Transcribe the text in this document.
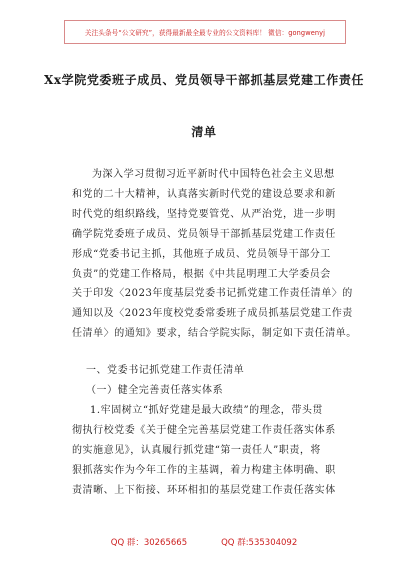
关注头条号“公文研究”，获得最新最全最专业的公文资料库！ 微信：gongwenyj
Xx学院党委班子成员、党员领导干部抓基层党建工作责任
清单
为深入学习贯彻习近平新时代中国特色社会主义思想
和党的二十大精神，认真落实新时代党的建设总要求和新
时代党的组织路线，坚持党要管党、从严治党，进一步明
确学院党委班子成员、党员领导干部抓基层党建工作责任
形成“党委书记主抓，其他班子成员、党员领导干部分工
负责”的党建工作格局，根据《中共昆明理工大学委员会
关于印发〈2023年度基层党委书记抓党建工作责任清单〉的
通知以及〈2023年度校党委常委班子成员抓基层党建工作责
任清单〉的通知》要求，结合学院实际，制定如下责任清单。
一、党委书记抓党建工作责任清单
（一）健全完善责任落实体系
1.牢固树立“抓好党建是最大政绩”的理念，带头贯
彻执行校党委《关于健全完善基层党建工作责任落实体系
的实施意见》，认真履行抓党建“第一责任人”职责，将
狠抓落实作为今年工作的主基调，着力构建主体明确、职
责清晰、上下衔接、环环相扣的基层党建工作责任落实体
QQ 群：30265665	QQ 群:535304092
